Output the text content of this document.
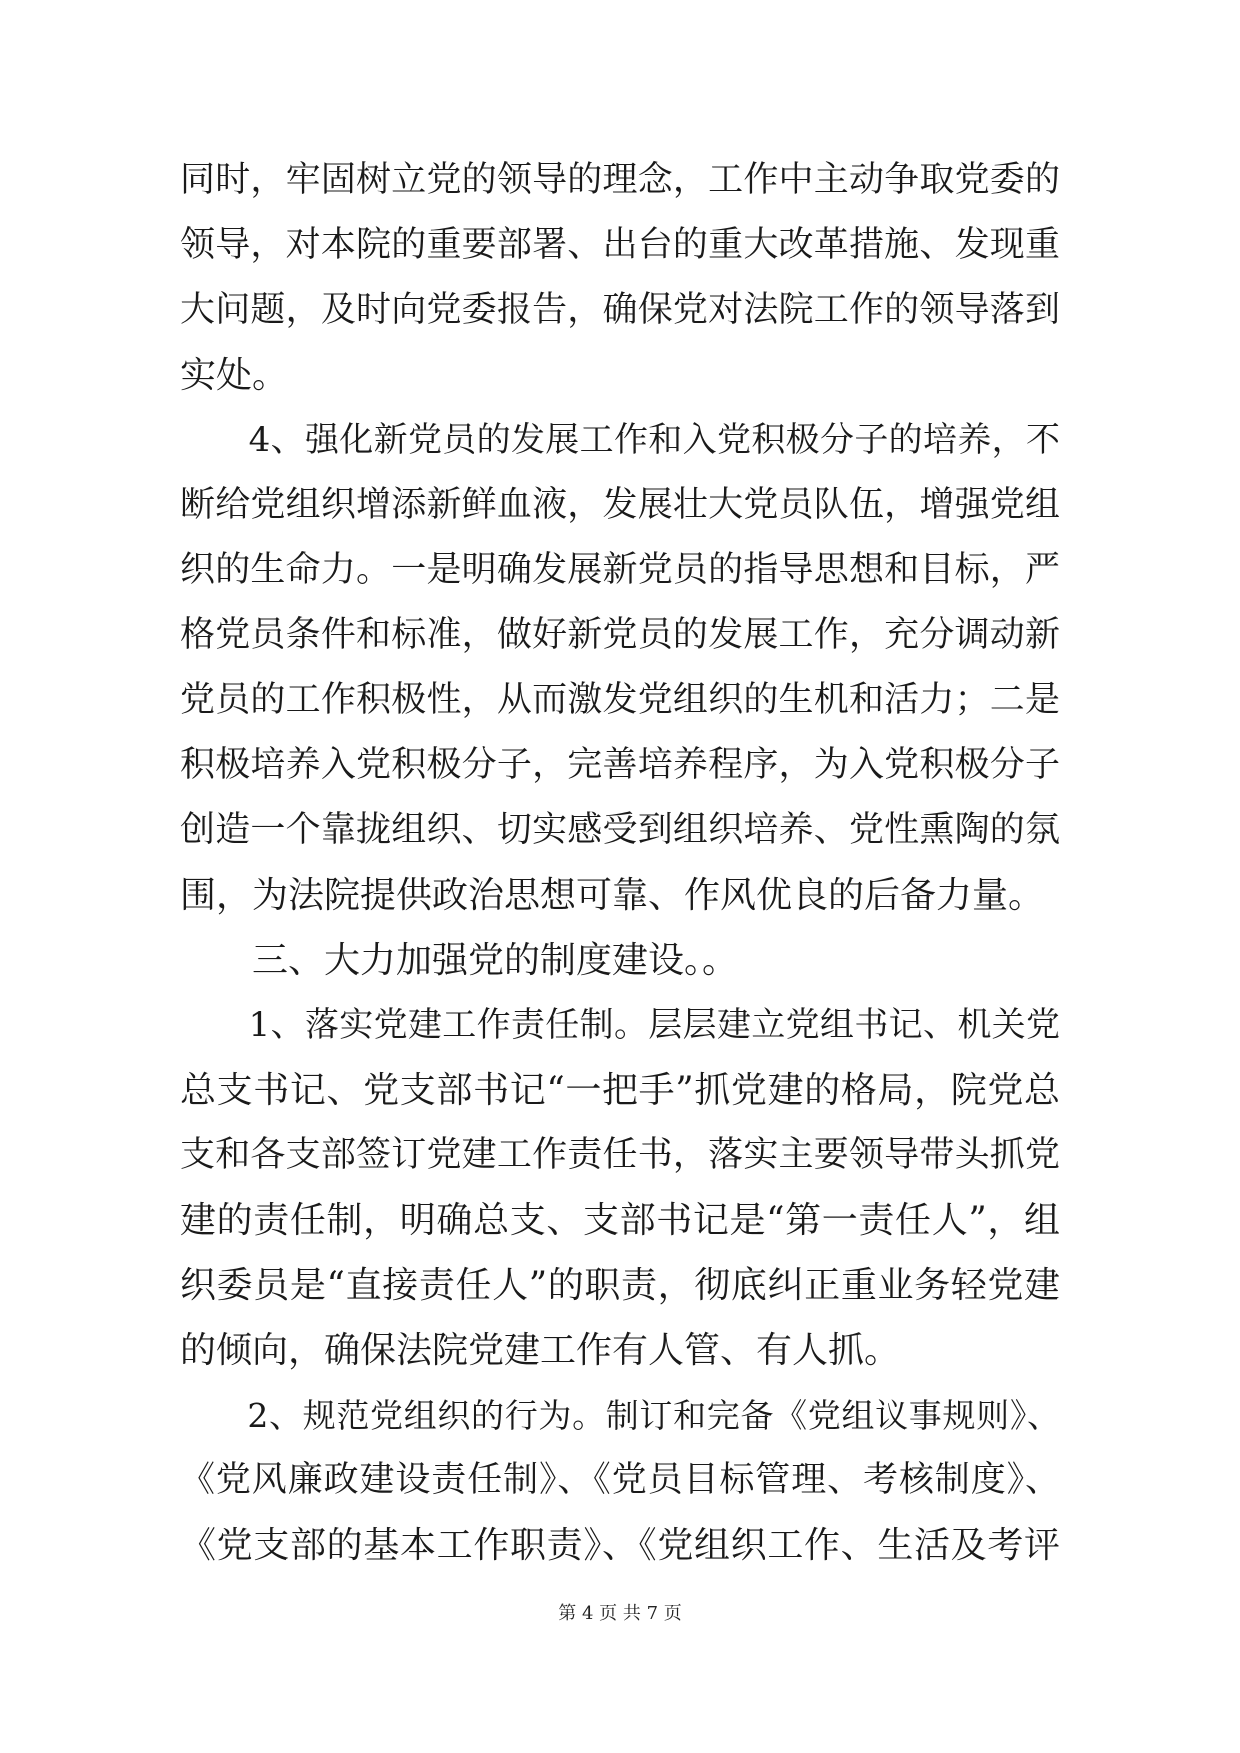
同时，牢固树立党的领导的理念，工作中主动争取党委的
领导，对本院的重要部署、出台的重大改革措施、发现重
大问题，及时向党委报告，确保党对法院工作的领导落到
实处。
　　4、强化新党员的发展工作和入党积极分子的培养，不
断给党组织增添新鲜血液，发展壮大党员队伍，增强党组
织的生命力。一是明确发展新党员的指导思想和目标，严
格党员条件和标准，做好新党员的发展工作，充分调动新
党员的工作积极性，从而激发党组织的生机和活力；二是
积极培养入党积极分子，完善培养程序，为入党积极分子
创造一个靠拢组织、切实感受到组织培养、党性熏陶的氛
围，为法院提供政治思想可靠、作风优良的后备力量。
　　三、大力加强党的制度建设。。
　　1、落实党建工作责任制。层层建立党组书记、机关党
总支书记、党支部书记“一把手”抓党建的格局，院党总
支和各支部签订党建工作责任书，落实主要领导带头抓党
建的责任制，明确总支、支部书记是“第一责任人”，组
织委员是“直接责任人”的职责，彻底纠正重业务轻党建
的倾向，确保法院党建工作有人管、有人抓。
　　2、规范党组织的行为。制订和完备《党组议事规则》、
《党风廉政建设责任制》、《党员目标管理、考核制度》、
《党支部的基本工作职责》、《党组织工作、生活及考评
第 4 页 共 7 页
